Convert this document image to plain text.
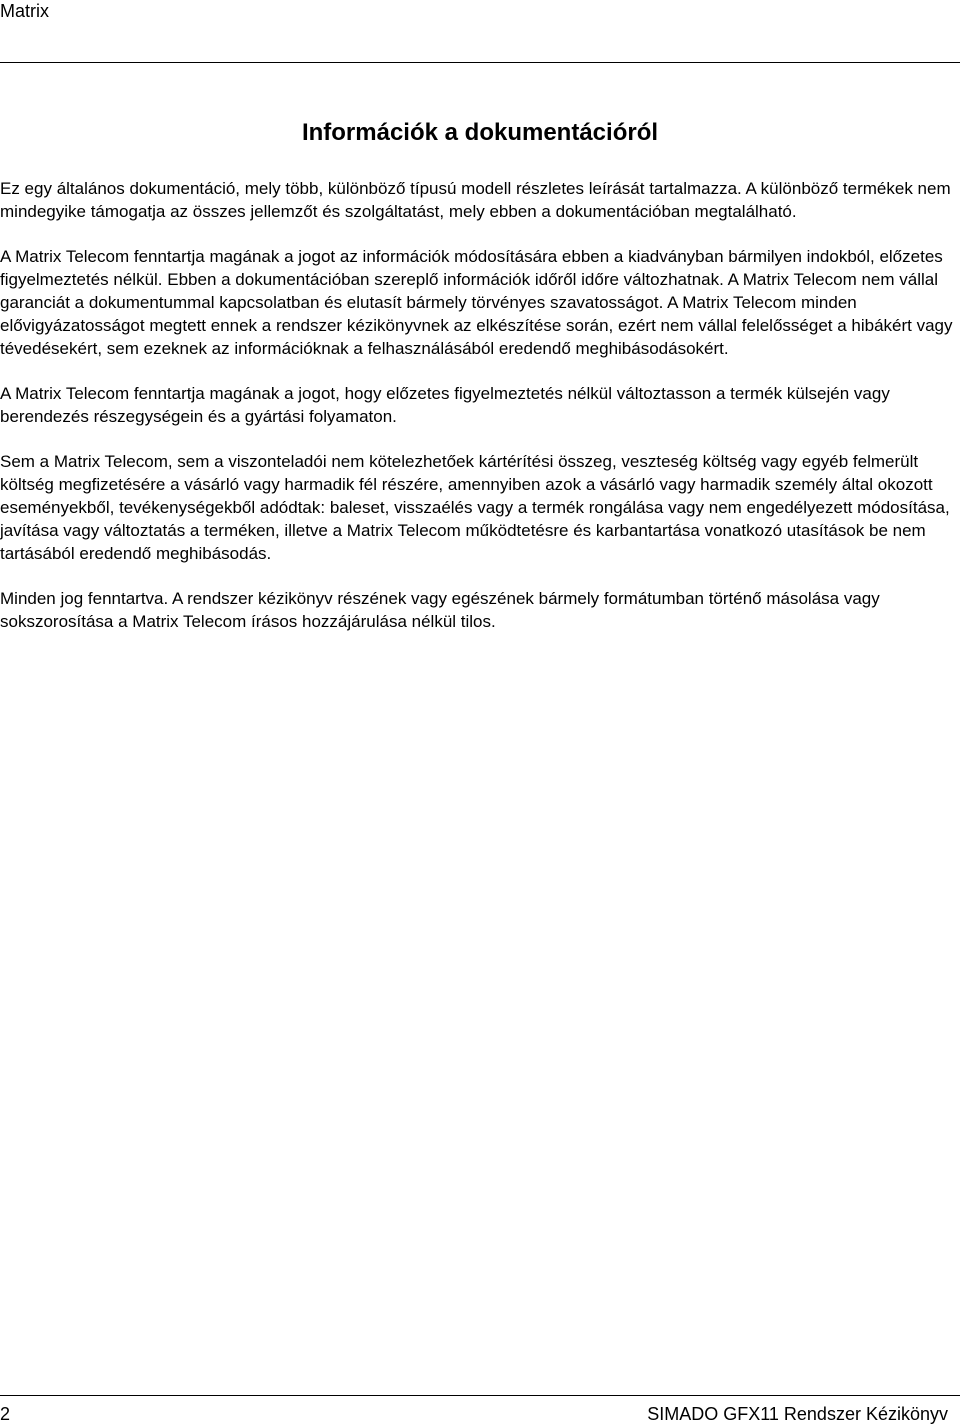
Matrix
Információk a dokumentációról

Ez egy általános dokumentáció, mely több, különböző típusú modell részletes leírását tartalmazza. A különböző termékek nem mindegyike támogatja az összes jellemzőt és szolgáltatást, mely ebben a dokumentációban megtalálható.

A Matrix Telecom fenntartja magának a jogot az információk módosítására ebben a kiadványban bármilyen indokból, előzetes figyelmeztetés nélkül. Ebben a dokumentációban szereplő információk időről időre változhatnak. A Matrix Telecom nem vállal garanciát a dokumentummal kapcsolatban és elutasít bármely törvényes szavatosságot. A Matrix Telecom minden elővigyázatosságot megtett ennek a rendszer kézikönyvnek az elkészítése során, ezért nem vállal felelősséget a hibákért vagy tévedésekért, sem ezeknek az információknak a felhasználásából eredendő meghibásodásokért.

A Matrix Telecom fenntartja magának a jogot, hogy előzetes figyelmeztetés nélkül változtasson a termék külsején vagy berendezés részegységein és a gyártási folyamaton.

Sem a Matrix Telecom, sem a viszonteladói nem kötelezhetőek kártérítési összeg, veszteség költség vagy egyéb felmerült költség megfizetésére a vásárló vagy harmadik fél részére, amennyiben azok a vásárló vagy harmadik személy által okozott eseményekből, tevékenységekből adódtak: baleset, visszaélés vagy a termék rongálása vagy nem engedélyezett módosítása, javítása vagy változtatás a terméken, illetve a Matrix Telecom működtetésre és karbantartása vonatkozó utasítások be nem tartásából eredendő meghibásodás.

Minden jog fenntartva. A rendszer kézikönyv részének vagy egészének bármely formátumban történő másolása vagy sokszorosítása a Matrix Telecom írásos hozzájárulása nélkül tilos.

2	SIMADO GFX11 Rendszer Kézikönyv
